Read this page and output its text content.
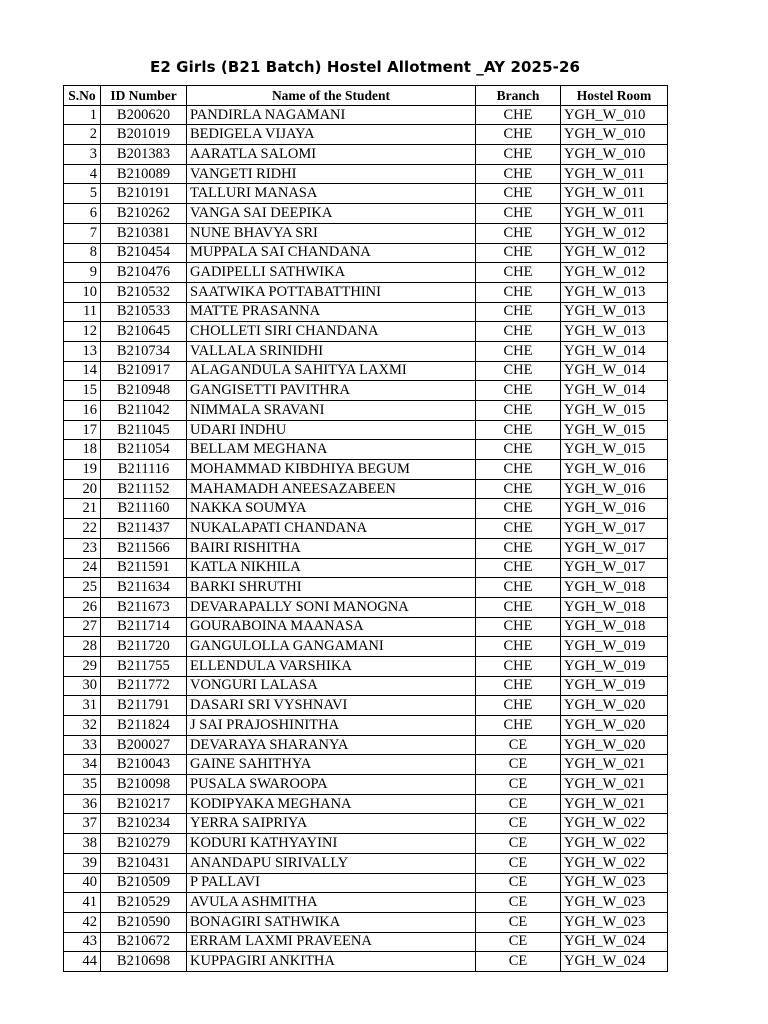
E2 Girls (B21 Batch) Hostel Allotment _AY 2025-26
S.No	ID Number	Name of the Student	Branch	Hostel Room
1	B200620	PANDIRLA NAGAMANI	CHE	YGH_W_010
2	B201019	BEDIGELA VIJAYA	CHE	YGH_W_010
3	B201383	AARATLA SALOMI	CHE	YGH_W_010
4	B210089	VANGETI RIDHI	CHE	YGH_W_011
5	B210191	TALLURI MANASA	CHE	YGH_W_011
6	B210262	VANGA SAI DEEPIKA	CHE	YGH_W_011
7	B210381	NUNE BHAVYA SRI	CHE	YGH_W_012
8	B210454	MUPPALA SAI CHANDANA	CHE	YGH_W_012
9	B210476	GADIPELLI SATHWIKA	CHE	YGH_W_012
10	B210532	SAATWIKA POTTABATTHINI	CHE	YGH_W_013
11	B210533	MATTE PRASANNA	CHE	YGH_W_013
12	B210645	CHOLLETI SIRI CHANDANA	CHE	YGH_W_013
13	B210734	VALLALA SRINIDHI	CHE	YGH_W_014
14	B210917	ALAGANDULA SAHITYA LAXMI	CHE	YGH_W_014
15	B210948	GANGISETTI PAVITHRA	CHE	YGH_W_014
16	B211042	NIMMALA SRAVANI	CHE	YGH_W_015
17	B211045	UDARI INDHU	CHE	YGH_W_015
18	B211054	BELLAM MEGHANA	CHE	YGH_W_015
19	B211116	MOHAMMAD KIBDHIYA BEGUM	CHE	YGH_W_016
20	B211152	MAHAMADH ANEESAZABEEN	CHE	YGH_W_016
21	B211160	NAKKA SOUMYA	CHE	YGH_W_016
22	B211437	NUKALAPATI CHANDANA	CHE	YGH_W_017
23	B211566	BAIRI RISHITHA	CHE	YGH_W_017
24	B211591	KATLA NIKHILA	CHE	YGH_W_017
25	B211634	BARKI SHRUTHI	CHE	YGH_W_018
26	B211673	DEVARAPALLY SONI MANOGNA	CHE	YGH_W_018
27	B211714	GOURABOINA MAANASA	CHE	YGH_W_018
28	B211720	GANGULOLLA GANGAMANI	CHE	YGH_W_019
29	B211755	ELLENDULA VARSHIKA	CHE	YGH_W_019
30	B211772	VONGURI LALASA	CHE	YGH_W_019
31	B211791	DASARI SRI VYSHNAVI	CHE	YGH_W_020
32	B211824	J SAI PRAJOSHINITHA	CHE	YGH_W_020
33	B200027	DEVARAYA SHARANYA	CE	YGH_W_020
34	B210043	GAINE SAHITHYA	CE	YGH_W_021
35	B210098	PUSALA SWAROOPA	CE	YGH_W_021
36	B210217	KODIPYAKA MEGHANA	CE	YGH_W_021
37	B210234	YERRA SAIPRIYA	CE	YGH_W_022
38	B210279	KODURI KATHYAYINI	CE	YGH_W_022
39	B210431	ANANDAPU SIRIVALLY	CE	YGH_W_022
40	B210509	P PALLAVI	CE	YGH_W_023
41	B210529	AVULA ASHMITHA	CE	YGH_W_023
42	B210590	BONAGIRI SATHWIKA	CE	YGH_W_023
43	B210672	ERRAM LAXMI PRAVEENA	CE	YGH_W_024
44	B210698	KUPPAGIRI ANKITHA	CE	YGH_W_024
